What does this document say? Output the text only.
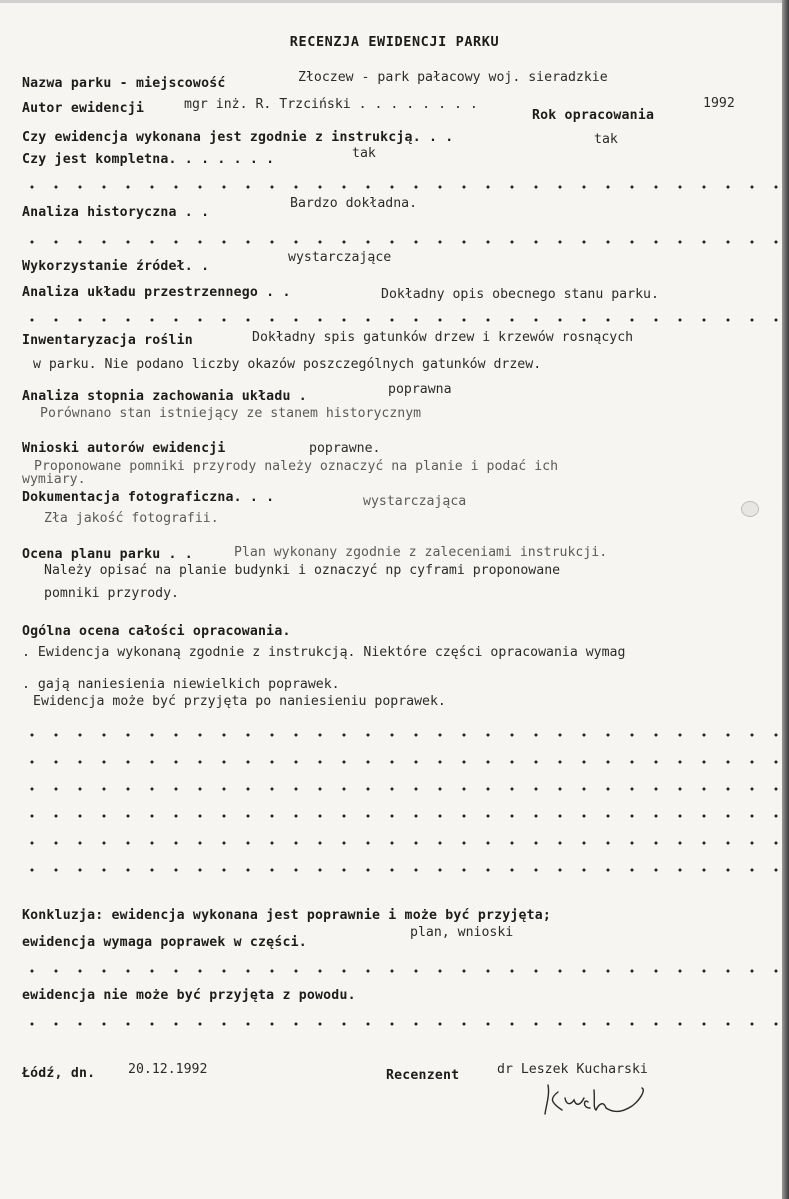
RECENZJA EWIDENCJI PARKU
Nazwa parku - miejscowość	Złoczew - park pałacowy woj. sieradzkie
Autor ewidencji	mgr inż. R. Trzciński . . . . . . . .
Rok opracowania
1992
Czy ewidencja wykonana jest zgodnie z instrukcją. . .	tak
Czy jest kompletna. . . . . . .	tak
Analiza historyczna . .
Bardzo dokładna.
Wykorzystanie źródeł. .
wystarczające
Analiza układu przestrzennego . .	Dokładny opis obecnego stanu parku.
Inwentaryzacja roślin	Dokładny spis gatunków drzew i krzewów rosnących
w parku. Nie podano liczby okazów poszczególnych gatunków drzew.
Analiza stopnia zachowania układu .	poprawna
Porównano stan istniejący ze stanem historycznym
Wnioski autorów ewidencji	poprawne.
Proponowane pomniki przyrody należy oznaczyć na planie i podać ich
wymiary.
Dokumentacja fotograficzna. . .	wystarczająca
Zła jakość fotografii.
Ocena planu parku . .	Plan wykonany zgodnie z zaleceniami instrukcji.
Należy opisać na planie budynki i oznaczyć np cyframi proponowane
pomniki przyrody.
Ogólna ocena całości opracowania.
. Ewidencja wykonaną zgodnie z instrukcją. Niektóre części opracowania wymag
. gają naniesienia niewielkich poprawek.
Ewidencja może być przyjęta po naniesieniu poprawek.
Konkluzja: ewidencja wykonana jest poprawnie i może być przyjęta;
ewidencja wymaga poprawek w części.
plan, wnioski
ewidencja nie może być przyjęta z powodu.
Łódź, dn. 20.12.1992	Recenzent	dr Leszek Kucharski
